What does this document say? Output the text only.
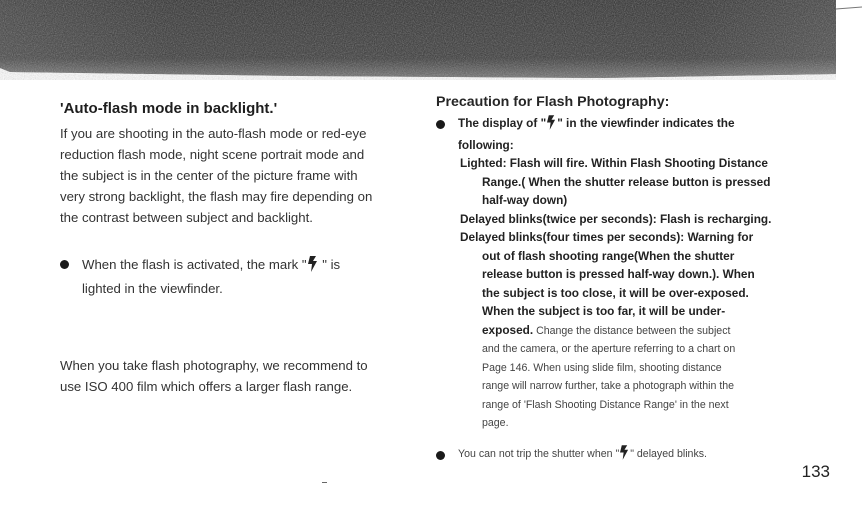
'Auto-flash mode in backlight.'
If you are shooting in the auto-flash mode or red-eye
reduction flash mode, night scene portrait mode and
the subject is in the center of the picture frame with
very strong backlight, the flash may fire depending on
the contrast between subject and backlight.
When the flash is activated, the mark " " is
lighted in the viewfinder.
When you take flash photography, we recommend to
use ISO 400 film which offers a larger flash range.
Precaution for Flash Photography:
The display of " " in the viewfinder indicates the
following:
Lighted: Flash will fire. Within Flash Shooting Distance
Range.( When the shutter release button is pressed
half-way down)
Delayed blinks(twice per seconds): Flash is recharging.
Delayed blinks(four times per seconds): Warning for
out of flash shooting range(When the shutter
release button is pressed half-way down.). When
the subject is too close, it will be over-exposed.
When the subject is too far, it will be under-
exposed. Change the distance between the subject
and the camera, or the aperture referring to a chart on
Page 146. When using slide film, shooting distance
range will narrow further, take a photograph within the
range of 'Flash Shooting Distance Range' in the next
page.
You can not trip the shutter when " " delayed blinks.
133
